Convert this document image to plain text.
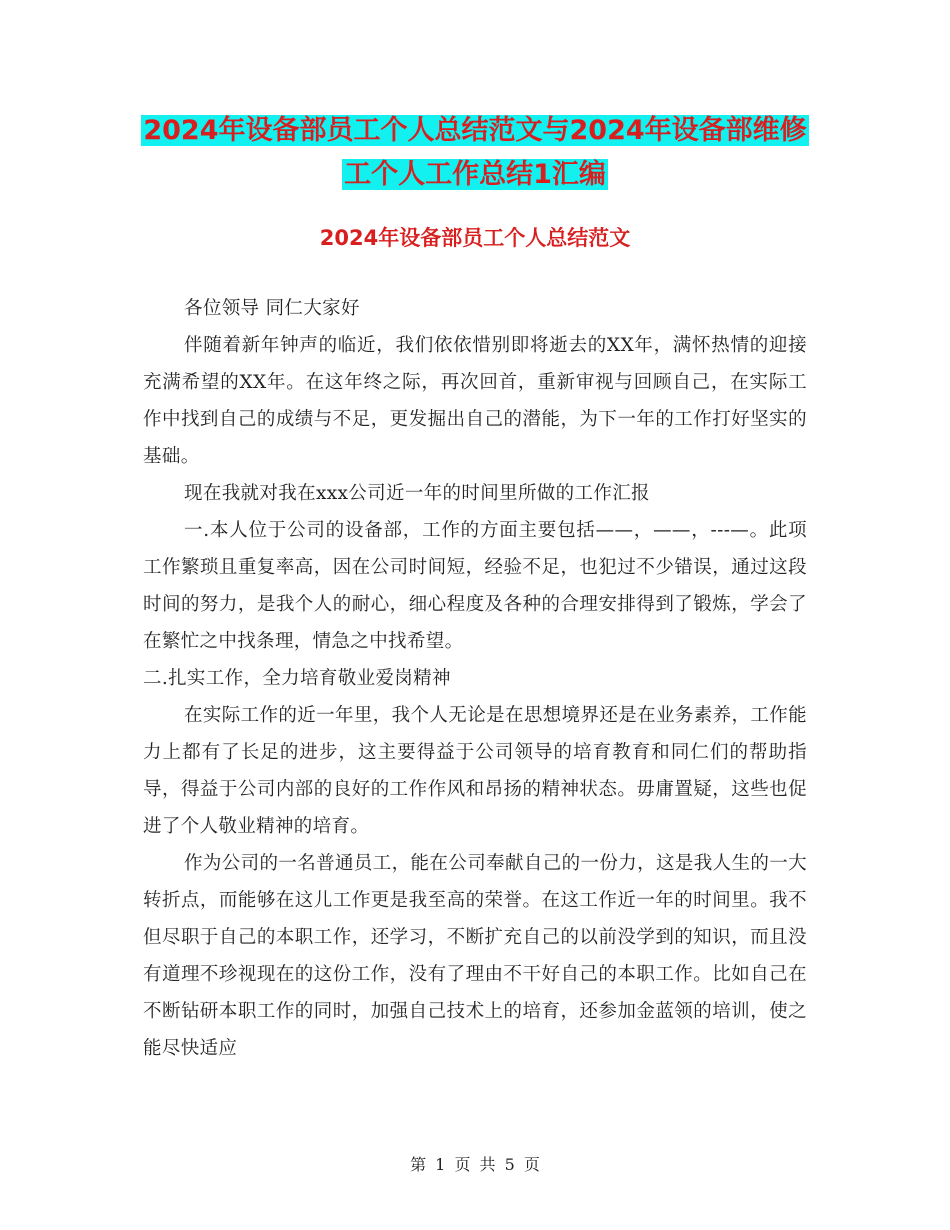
2024年设备部员工个人总结范文与2024年设备部维修
工个人工作总结1汇编
2024年设备部员工个人总结范文

各位领导 同仁大家好

伴随着新年钟声的临近，我们依依惜别即将逝去的XX年，满怀热情的迎接充满希望的XX年。在这年终之际，再次回首，重新审视与回顾自己，在实际工作中找到自己的成绩与不足，更发掘出自己的潜能，为下一年的工作打好坚实的基础。

现在我就对我在xxx公司近一年的时间里所做的工作汇报

一.本人位于公司的设备部，工作的方面主要包括——，——，---—。此项工作繁琐且重复率高，因在公司时间短，经验不足，也犯过不少错误，通过这段时间的努力，是我个人的耐心，细心程度及各种的合理安排得到了锻炼，学会了在繁忙之中找条理，情急之中找希望。

二.扎实工作，全力培育敬业爱岗精神

在实际工作的近一年里，我个人无论是在思想境界还是在业务素养，工作能力上都有了长足的进步，这主要得益于公司领导的培育教育和同仁们的帮助指导，得益于公司内部的良好的工作作风和昂扬的精神状态。毋庸置疑，这些也促进了个人敬业精神的培育。

作为公司的一名普通员工，能在公司奉献自己的一份力，这是我人生的一大转折点，而能够在这儿工作更是我至高的荣誉。在这工作近一年的时间里。我不但尽职于自己的本职工作，还学习，不断扩充自己的以前没学到的知识，而且没有道理不珍视现在的这份工作，没有了理由不干好自己的本职工作。比如自己在不断钻研本职工作的同时，加强自己技术上的培育，还参加金蓝领的培训，使之能尽快适应

第 1 页 共 5 页
